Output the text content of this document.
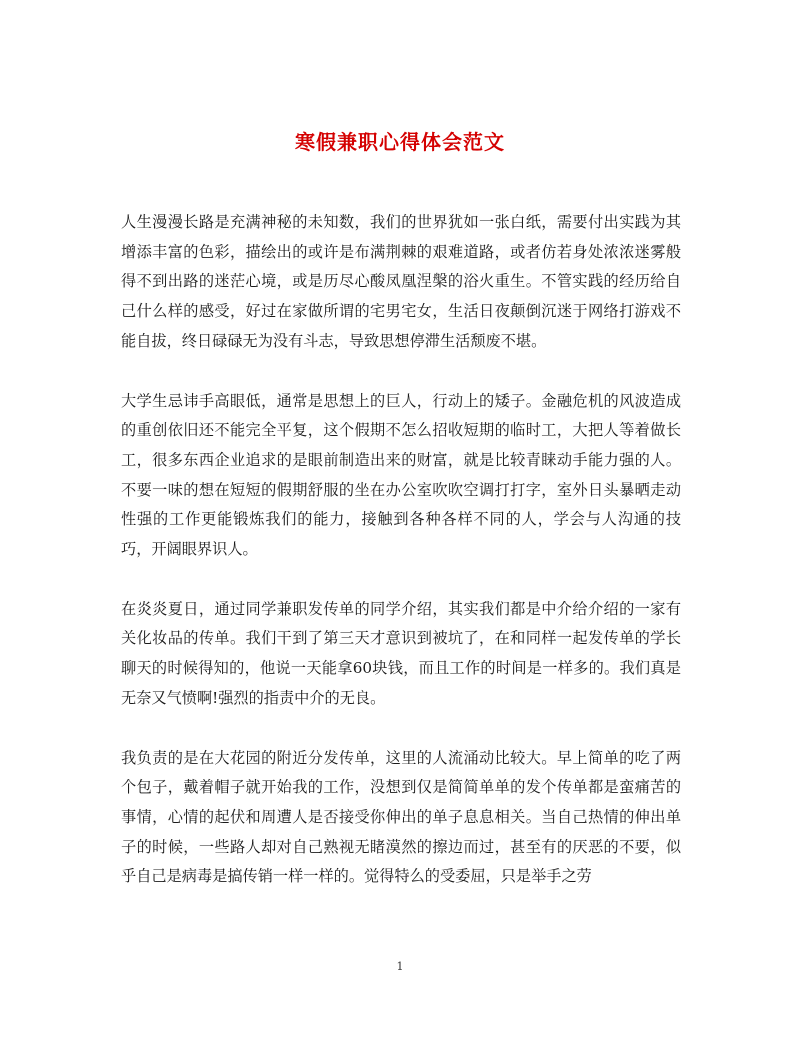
寒假兼职心得体会范文

人生漫漫长路是充满神秘的未知数，我们的世界犹如一张白纸，需要付出实践为其增添丰富的色彩，描绘出的或许是布满荆棘的艰难道路，或者仿若身处浓浓迷雾般得不到出路的迷茫心境，或是历尽心酸凤凰涅槃的浴火重生。不管实践的经历给自己什么样的感受，好过在家做所谓的宅男宅女，生活日夜颠倒沉迷于网络打游戏不能自拔，终日碌碌无为没有斗志，导致思想停滞生活颓废不堪。

大学生忌讳手高眼低，通常是思想上的巨人，行动上的矮子。金融危机的风波造成的重创依旧还不能完全平复，这个假期不怎么招收短期的临时工，大把人等着做长工，很多东西企业追求的是眼前制造出来的财富，就是比较青睐动手能力强的人。不要一味的想在短短的假期舒服的坐在办公室吹吹空调打打字，室外日头暴晒走动性强的工作更能锻炼我们的能力，接触到各种各样不同的人，学会与人沟通的技巧，开阔眼界识人。

在炎炎夏日，通过同学兼职发传单的同学介绍，其实我们都是中介给介绍的一家有关化妆品的传单。我们干到了第三天才意识到被坑了，在和同样一起发传单的学长聊天的时候得知的，他说一天能拿60块钱，而且工作的时间是一样多的。我们真是无奈又气愤啊!强烈的指责中介的无良。

我负责的是在大花园的附近分发传单，这里的人流涌动比较大。早上简单的吃了两个包子，戴着帽子就开始我的工作，没想到仅是简简单单的发个传单都是蛮痛苦的事情，心情的起伏和周遭人是否接受你伸出的单子息息相关。当自己热情的伸出单子的时候，一些路人却对自己熟视无睹漠然的擦边而过，甚至有的厌恶的不要，似乎自己是病毒是搞传销一样一样的。觉得特么的受委屈，只是举手之劳

1
